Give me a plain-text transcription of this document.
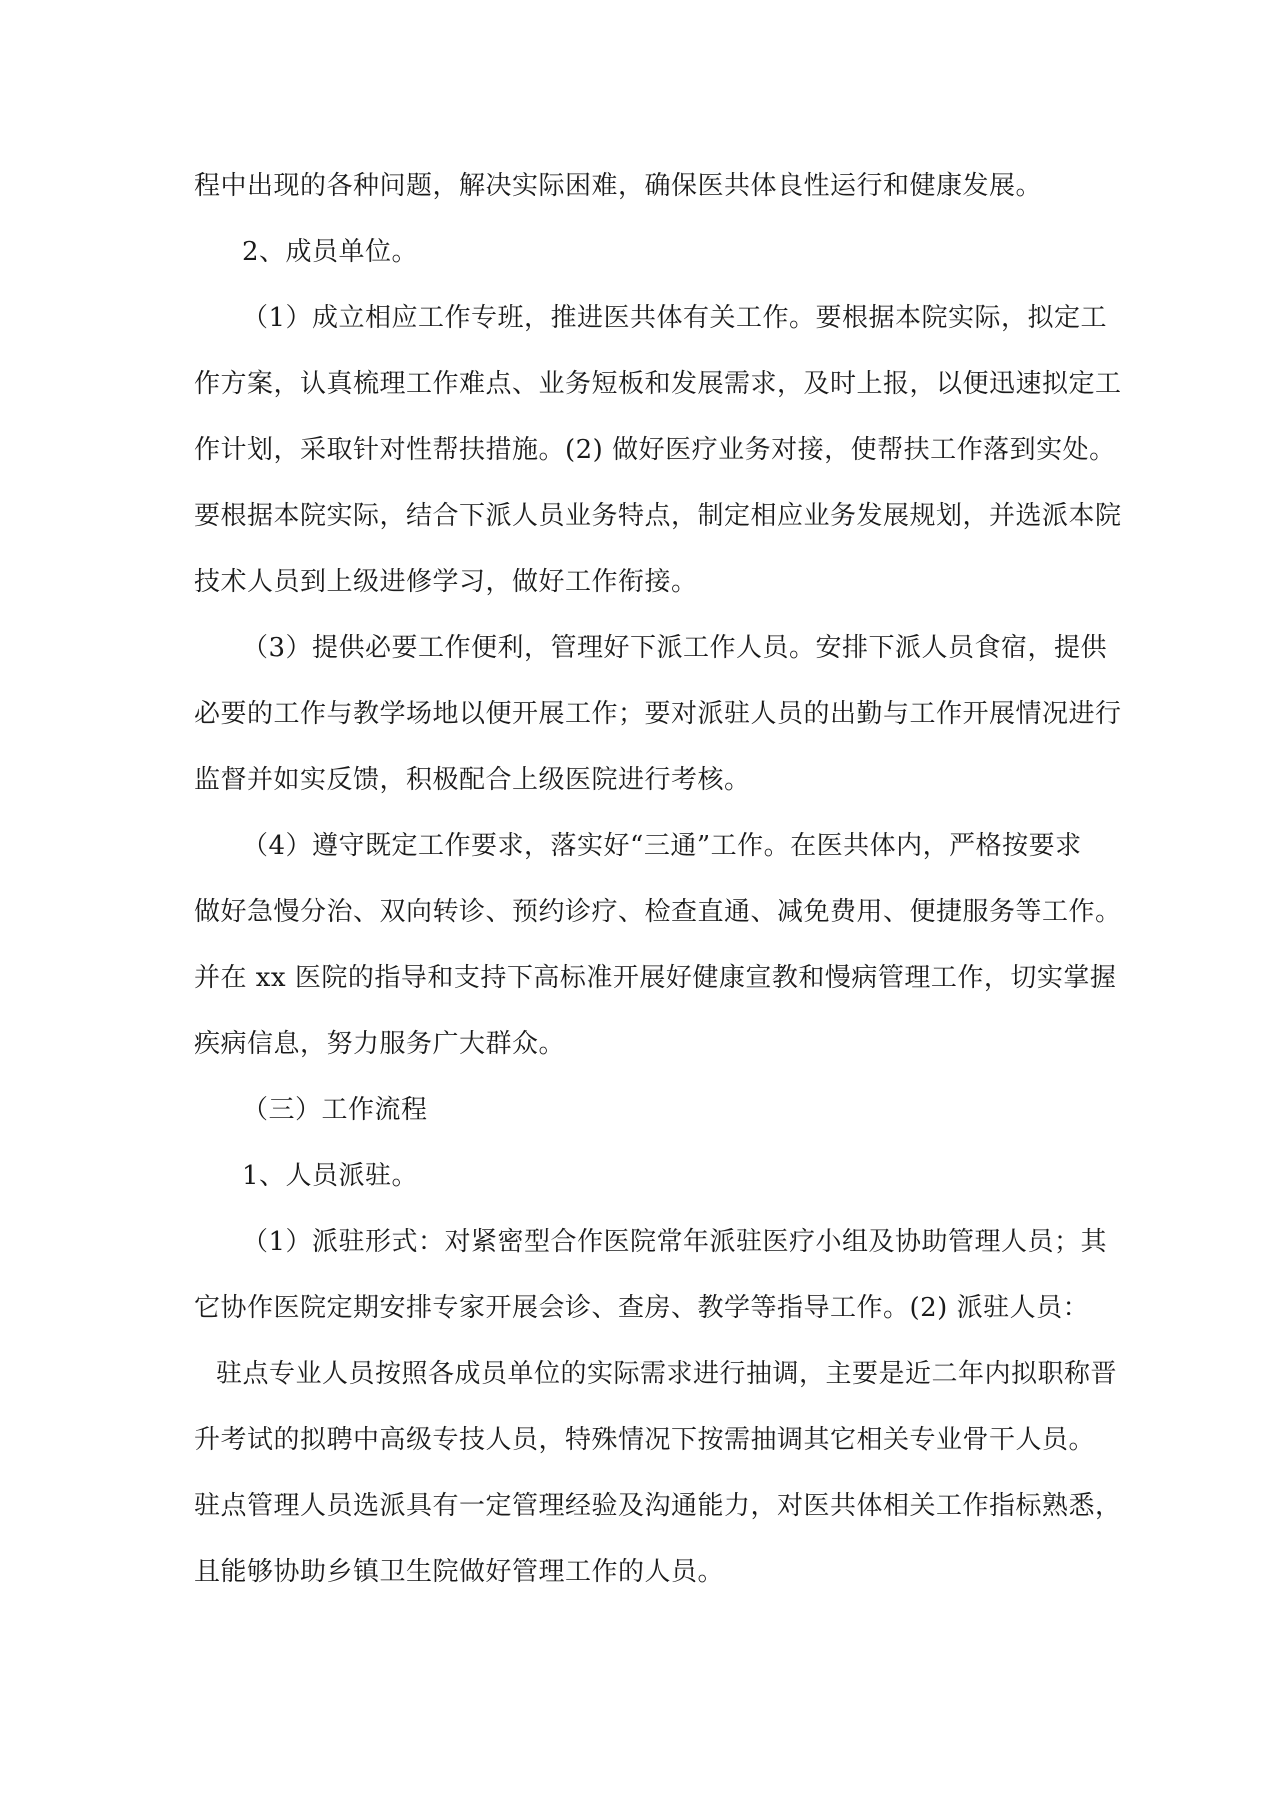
程中出现的各种问题，解决实际困难，确保医共体良性运行和健康发展。
2、成员单位。
（1）成立相应工作专班，推进医共体有关工作。要根据本院实际，拟定工
作方案，认真梳理工作难点、业务短板和发展需求，及时上报，以便迅速拟定工
作计划，采取针对性帮扶措施。(2) 做好医疗业务对接，使帮扶工作落到实处。
要根据本院实际，结合下派人员业务特点，制定相应业务发展规划，并选派本院
技术人员到上级进修学习，做好工作衔接。
（3）提供必要工作便利，管理好下派工作人员。安排下派人员食宿，提供
必要的工作与教学场地以便开展工作；要对派驻人员的出勤与工作开展情况进行
监督并如实反馈，积极配合上级医院进行考核。
（4）遵守既定工作要求，落实好“三通”工作。在医共体内，严格按要求
做好急慢分治、双向转诊、预约诊疗、检查直通、减免费用、便捷服务等工作。
并在 xx 医院的指导和支持下高标准开展好健康宣教和慢病管理工作，切实掌握
疾病信息，努力服务广大群众。
（三）工作流程
1、人员派驻。
（1）派驻形式：对紧密型合作医院常年派驻医疗小组及协助管理人员；其
它协作医院定期安排专家开展会诊、查房、教学等指导工作。(2) 派驻人员：
驻点专业人员按照各成员单位的实际需求进行抽调，主要是近二年内拟职称晋
升考试的拟聘中高级专技人员，特殊情况下按需抽调其它相关专业骨干人员。
驻点管理人员选派具有一定管理经验及沟通能力，对医共体相关工作指标熟悉，
且能够协助乡镇卫生院做好管理工作的人员。
